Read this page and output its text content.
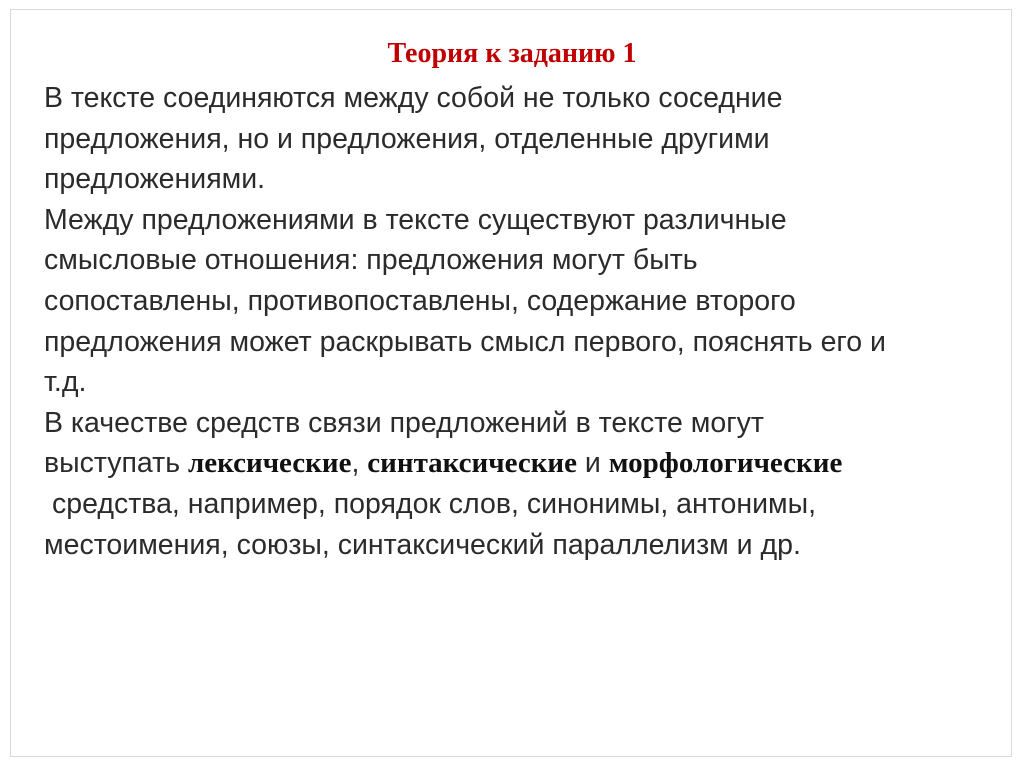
Теория к заданию 1

В тексте соединяются между собой не только соседние
предложения, но и предложения, отделенные другими
предложениями.

Между предложениями в тексте существуют различные
смысловые отношения: предложения могут быть
сопоставлены, противопоставлены, содержание второго
предложения может раскрывать смысл первого, пояснять его и
т.д.

В качестве средств связи предложений в тексте могут
выступать лексические, синтаксические и морфологические
средства, например, порядок слов, синонимы, антонимы,
местоимения, союзы, синтаксический параллелизм и др.
